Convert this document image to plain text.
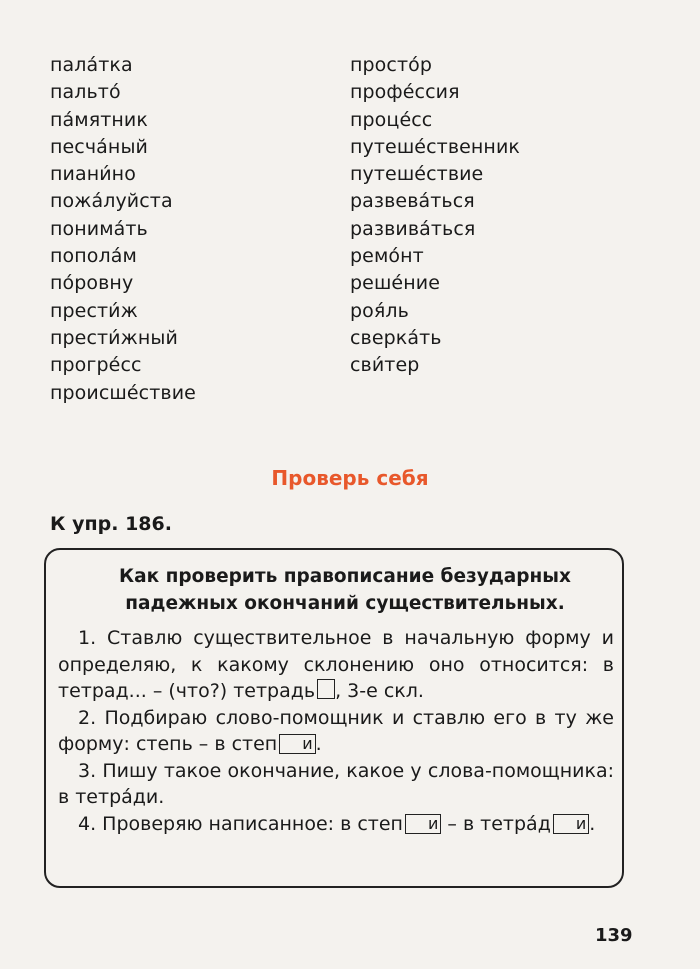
пала́тка
пальто́
па́мятник
песча́ный
пиани́но
пожа́луйста
понима́ть
попола́м
по́ровну
прести́ж
прести́жный
прогре́сс
происше́ствие
просто́р
профе́ссия
проце́сс
путеше́ственник
путеше́ствие
развева́ться
развива́ться
ремо́нт
реше́ние
роя́ль
сверка́ть
сви́тер
Проверь себя
К упр. 186.
Как проверить правописание безударных
падежных окончаний существительных.

1. Ставлю существительное в начальную форму и определяю, к какому склонению оно относится: в тетрад... – (что?) тетрадь , 3-е скл.

2. Подбираю слово-помощник и ставлю его в ту же форму: степь – в степ и .

3. Пишу такое окончание, какое у слова-помощника: в тетра́ди.

4. Проверяю написанное: в степ и – в тетра́д и .

139
